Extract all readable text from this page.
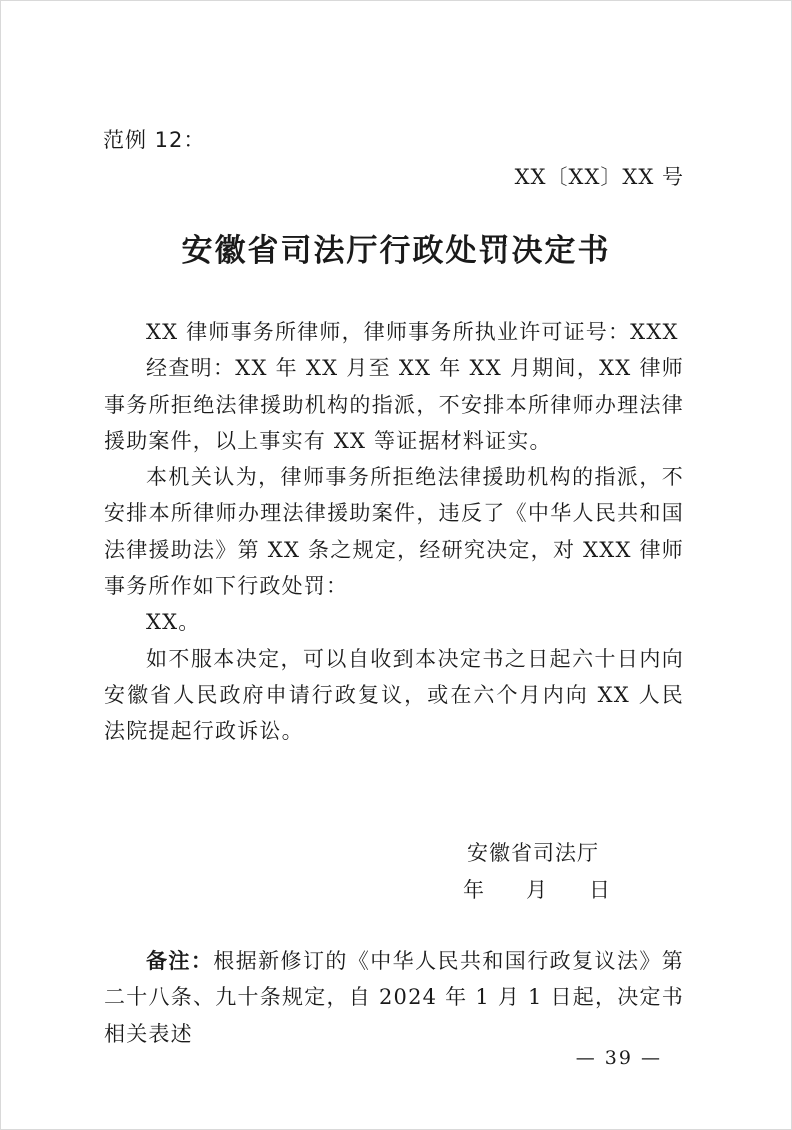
范例 12：
XX〔XX〕XX 号
安徽省司法厅行政处罚决定书

XX 律师事务所律师，律师事务所执业许可证号：XXX

经查明：XX 年 XX 月至 XX 年 XX 月期间，XX 律师事务所拒绝法律援助机构的指派，不安排本所律师办理法律援助案件，以上事实有 XX 等证据材料证实。

本机关认为，律师事务所拒绝法律援助机构的指派，不安排本所律师办理法律援助案件，违反了《中华人民共和国法律援助法》第 XX 条之规定，经研究决定，对 XXX 律师事务所作如下行政处罚：

XX。

如不服本决定，可以自收到本决定书之日起六十日内向安徽省人民政府申请行政复议，或在六个月内向 XX 人民法院提起行政诉讼。

安徽省司法厅
年　　月　　日

备注：根据新修订的《中华人民共和国行政复议法》第二十八条、九十条规定，自 2024 年 1 月 1 日起，决定书相关表述

— 39 —
